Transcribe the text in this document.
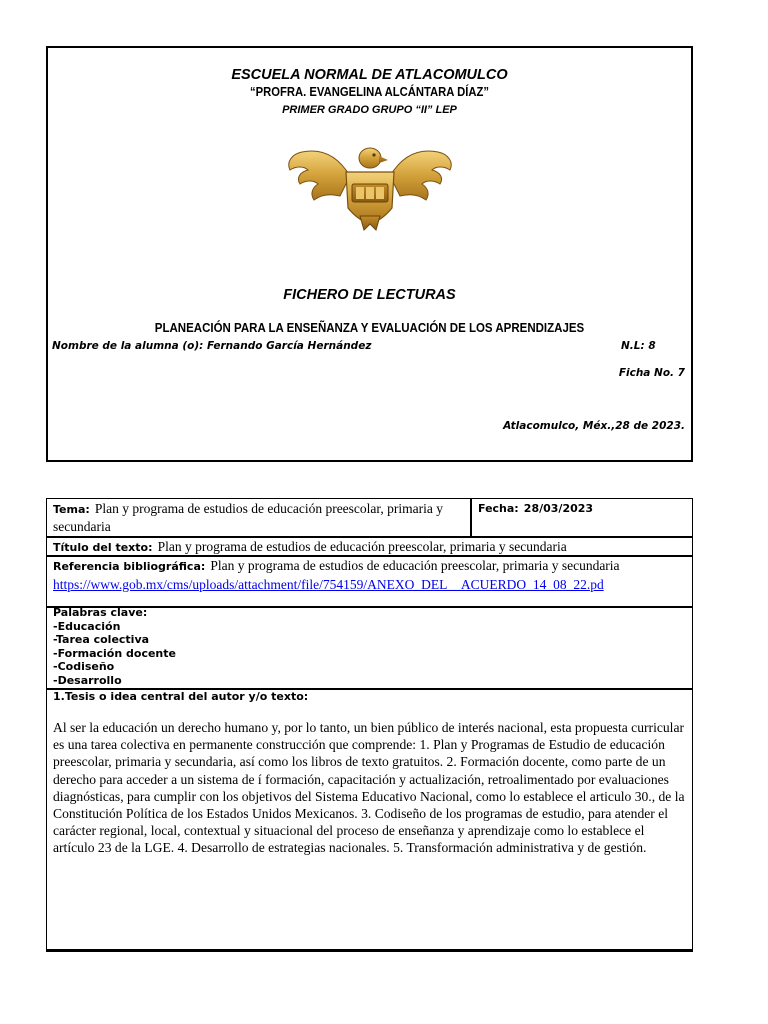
ESCUELA NORMAL DE ATLACOMULCO
“PROFRA. EVANGELINA ALCÁNTARA DÍAZ”
PRIMER GRADO GRUPO “II” LEP
FICHERO DE LECTURAS
PLANEACIÓN PARA LA ENSEÑANZA Y EVALUACIÓN DE LOS APRENDIZAJES
Nombre de la alumna (o): Fernando García Hernández	N.L: 8
Ficha No. 7
Atlacomulco, Méx.,28 de 2023.
Tema: Plan y programa de estudios de educación preescolar, primaria y secundaria
Fecha: 28/03/2023
Título del texto: Plan y programa de estudios de educación preescolar, primaria y secundaria
Referencia bibliográfica: Plan y programa de estudios de educación preescolar, primaria y secundaria
https://www.gob.mx/cms/uploads/attachment/file/754159/ANEXO_DEL__ACUERDO_14_08_22.pd
Palabras clave:
-Educación
-Tarea colectiva
-Formación docente
-Codiseño
-Desarrollo
1.Tesis o idea central del autor y/o texto:
Al ser la educación un derecho humano y, por lo tanto, un bien público de interés nacional, esta propuesta curricular es una tarea colectiva en permanente construcción que comprende: 1. Plan y Programas de Estudio de educación preescolar, primaria y secundaria, así como los libros de texto gratuitos. 2. Formación docente, como parte de un derecho para acceder a un sistema de í formación, capacitación y actualización, retroalimentado por evaluaciones diagnósticas, para cumplir con los objetivos del Sistema Educativo Nacional, como lo establece el articulo 30., de la Constitución Política de los Estados Unidos Mexicanos. 3. Codiseño de los programas de estudio, para atender el carácter regional, local, contextual y situacional del proceso de enseñanza y aprendizaje como lo establece el artículo 23 de la LGE. 4. Desarrollo de estrategias nacionales. 5. Transformación administrativa y de gestión.
